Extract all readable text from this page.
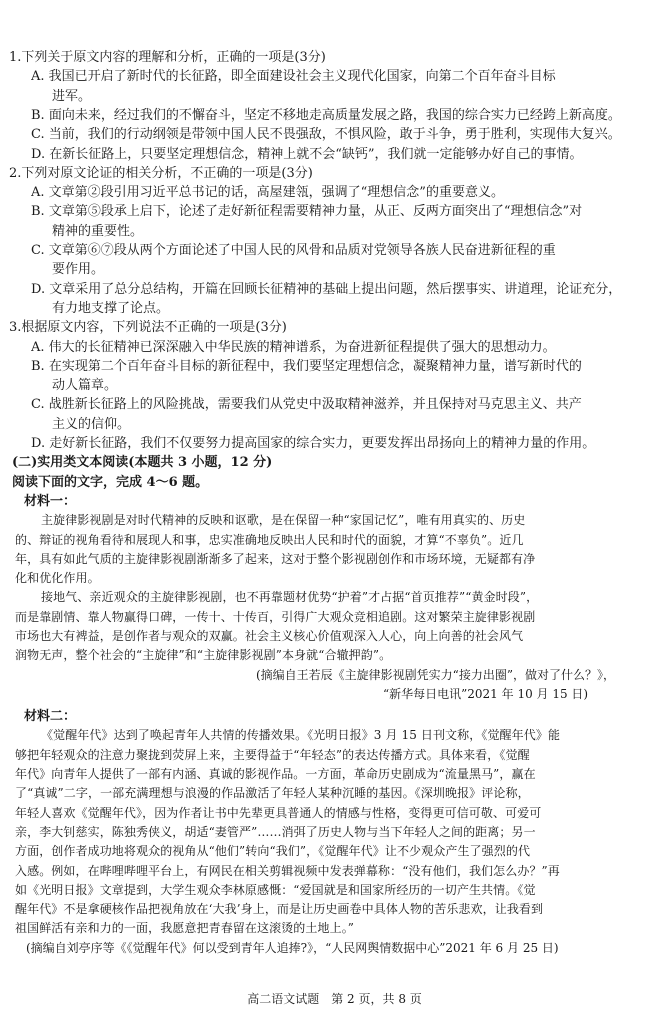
1.下列关于原文内容的理解和分析，正确的一项是(3分)
A. 我国已开启了新时代的长征路，即全面建设社会主义现代化国家，向第二个百年奋斗目标
进军。
B. 面向未来，经过我们的不懈奋斗，坚定不移地走高质量发展之路，我国的综合实力已经跨上新高度。
C. 当前，我们的行动纲领是带领中国人民不畏强敌，不惧风险，敢于斗争，勇于胜利，实现伟大复兴。
D. 在新长征路上，只要坚定理想信念，精神上就不会“缺钙”，我们就一定能够办好自己的事情。
2.下列对原文论证的相关分析，不正确的一项是(3分)
A. 文章第②段引用习近平总书记的话，高屋建瓴，强调了“理想信念”的重要意义。
B. 文章第⑤段承上启下，论述了走好新征程需要精神力量，从正、反两方面突出了“理想信念”对
精神的重要性。
C. 文章第⑥⑦段从两个方面论述了中国人民的风骨和品质对党领导各族人民奋进新征程的重
要作用。
D. 文章采用了总分总结构，开篇在回顾长征精神的基础上提出问题，然后摆事实、讲道理，论证充分，
有力地支撑了论点。
3.根据原文内容，下列说法不正确的一项是(3分)
A. 伟大的长征精神已深深融入中华民族的精神谱系，为奋进新征程提供了强大的思想动力。
B. 在实现第二个百年奋斗目标的新征程中，我们要坚定理想信念，凝聚精神力量，谱写新时代的
动人篇章。
C. 战胜新长征路上的风险挑战，需要我们从党史中汲取精神滋养，并且保持对马克思主义、共产
主义的信仰。
D. 走好新长征路，我们不仅要努力提高国家的综合实力，更要发挥出昂扬向上的精神力量的作用。
(二)实用类文本阅读(本题共 3 小题，12 分)
阅读下面的文字，完成 4～6 题。
材料一：
主旋律影视剧是对时代精神的反映和讴歌，是在保留一种“家国记忆”，唯有用真实的、历史
的、辩证的视角看待和展现人和事，忠实准确地反映出人民和时代的面貌，才算“不辜负”。近几
年，具有如此气质的主旋律影视剧渐渐多了起来，这对于整个影视剧创作和市场环境，无疑都有净
化和优化作用。
接地气、亲近观众的主旋律影视剧，也不再靠题材优势“护着”才占据“首页推荐”“黄金时段”，
而是靠剧情、靠人物赢得口碑，一传十、十传百，引得广大观众竞相追剧。这对繁荣主旋律影视剧
市场也大有裨益，是创作者与观众的双赢。社会主义核心价值观深入人心，向上向善的社会风气
润物无声，整个社会的“主旋律”和“主旋律影视剧”本身就“合辙押韵”。
(摘编自王若辰《主旋律影视剧凭实力“接力出圈”，做对了什么？》，
“新华每日电讯”2021 年 10 月 15 日)
材料二：
《觉醒年代》达到了唤起青年人共情的传播效果。《光明日报》3 月 15 日刊文称，《觉醒年代》能
够把年轻观众的注意力聚拢到荧屏上来，主要得益于“年轻态”的表达传播方式。具体来看，《觉醒
年代》向青年人提供了一部有内涵、真诚的影视作品。一方面，革命历史剧成为“流量黑马”，赢在
了“真诚”二字，一部充满理想与浪漫的作品激活了年轻人某种沉睡的基因。《深圳晚报》评论称，
年轻人喜欢《觉醒年代》，因为作者让书中先辈更具普通人的情感与性格，变得更可信可敬、可爱可
亲，李大钊慈实，陈独秀侠义，胡适“妻管严”……消弭了历史人物与当下年轻人之间的距离；另一
方面，创作者成功地将观众的视角从“他们”转向“我们”，《觉醒年代》让不少观众产生了强烈的代
入感。例如，在哔哩哔哩平台上，有网民在相关剪辑视频中发表弹幕称：“没有他们，我们怎么办？”再
如《光明日报》文章提到，大学生观众李林原感慨：“爱国就是和国家所经历的一切产生共情。《觉
醒年代》不是拿硬核作品把视角放在‘大我’身上，而是让历史画卷中具体人物的苦乐悲欢，让我看到
祖国鲜活有亲和力的一面，我愿意把青春留在这滚烫的土地上。”
(摘编自刘亭序等《《觉醒年代》何以受到青年人追捧?》，“人民网舆情数据中心”2021 年 6 月 25 日)
高二语文试题　第 2 页，共 8 页
